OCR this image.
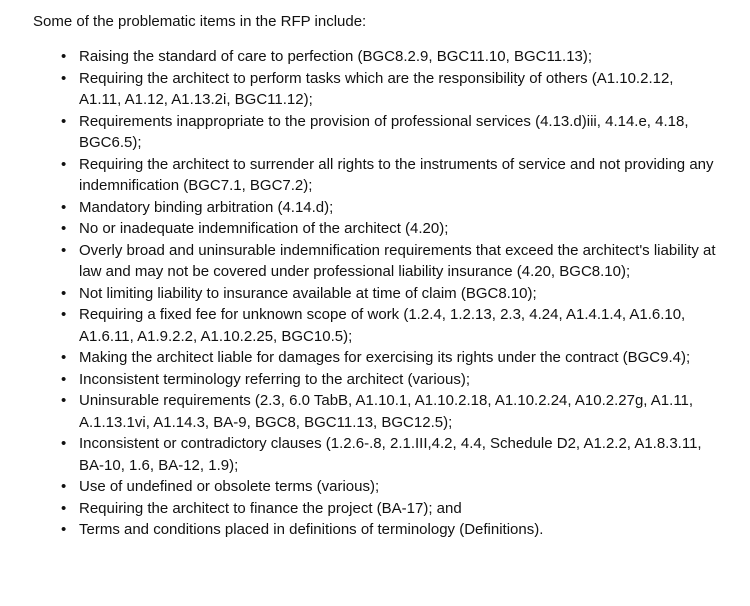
Some of the problematic items in the RFP include:

• Raising the standard of care to perfection (BGC8.2.9, BGC11.10, BGC11.13);
• Requiring the architect to perform tasks which are the responsibility of others (A1.10.2.12, A1.11, A1.12, A1.13.2i, BGC11.12);
• Requirements inappropriate to the provision of professional services (4.13.d)iii, 4.14.e, 4.18, BGC6.5);
• Requiring the architect to surrender all rights to the instruments of service and not providing any indemnification (BGC7.1, BGC7.2);
• Mandatory binding arbitration (4.14.d);
• No or inadequate indemnification of the architect (4.20);
• Overly broad and uninsurable indemnification requirements that exceed the architect's liability at law and may not be covered under professional liability insurance (4.20, BGC8.10);
• Not limiting liability to insurance available at time of claim (BGC8.10);
• Requiring a fixed fee for unknown scope of work (1.2.4, 1.2.13, 2.3, 4.24, A1.4.1.4, A1.6.10, A1.6.11, A1.9.2.2, A1.10.2.25, BGC10.5);
• Making the architect liable for damages for exercising its rights under the contract (BGC9.4);
• Inconsistent terminology referring to the architect (various);
• Uninsurable requirements (2.3, 6.0 TabB, A1.10.1, A1.10.2.18, A1.10.2.24, A10.2.27g, A1.11, A.1.13.1vi, A1.14.3, BA-9, BGC8, BGC11.13, BGC12.5);
• Inconsistent or contradictory clauses (1.2.6-.8, 2.1.III,4.2, 4.4, Schedule D2, A1.2.2, A1.8.3.11, BA-10, 1.6, BA-12, 1.9);
• Use of undefined or obsolete terms (various);
• Requiring the architect to finance the project (BA-17); and
• Terms and conditions placed in definitions of terminology (Definitions).
